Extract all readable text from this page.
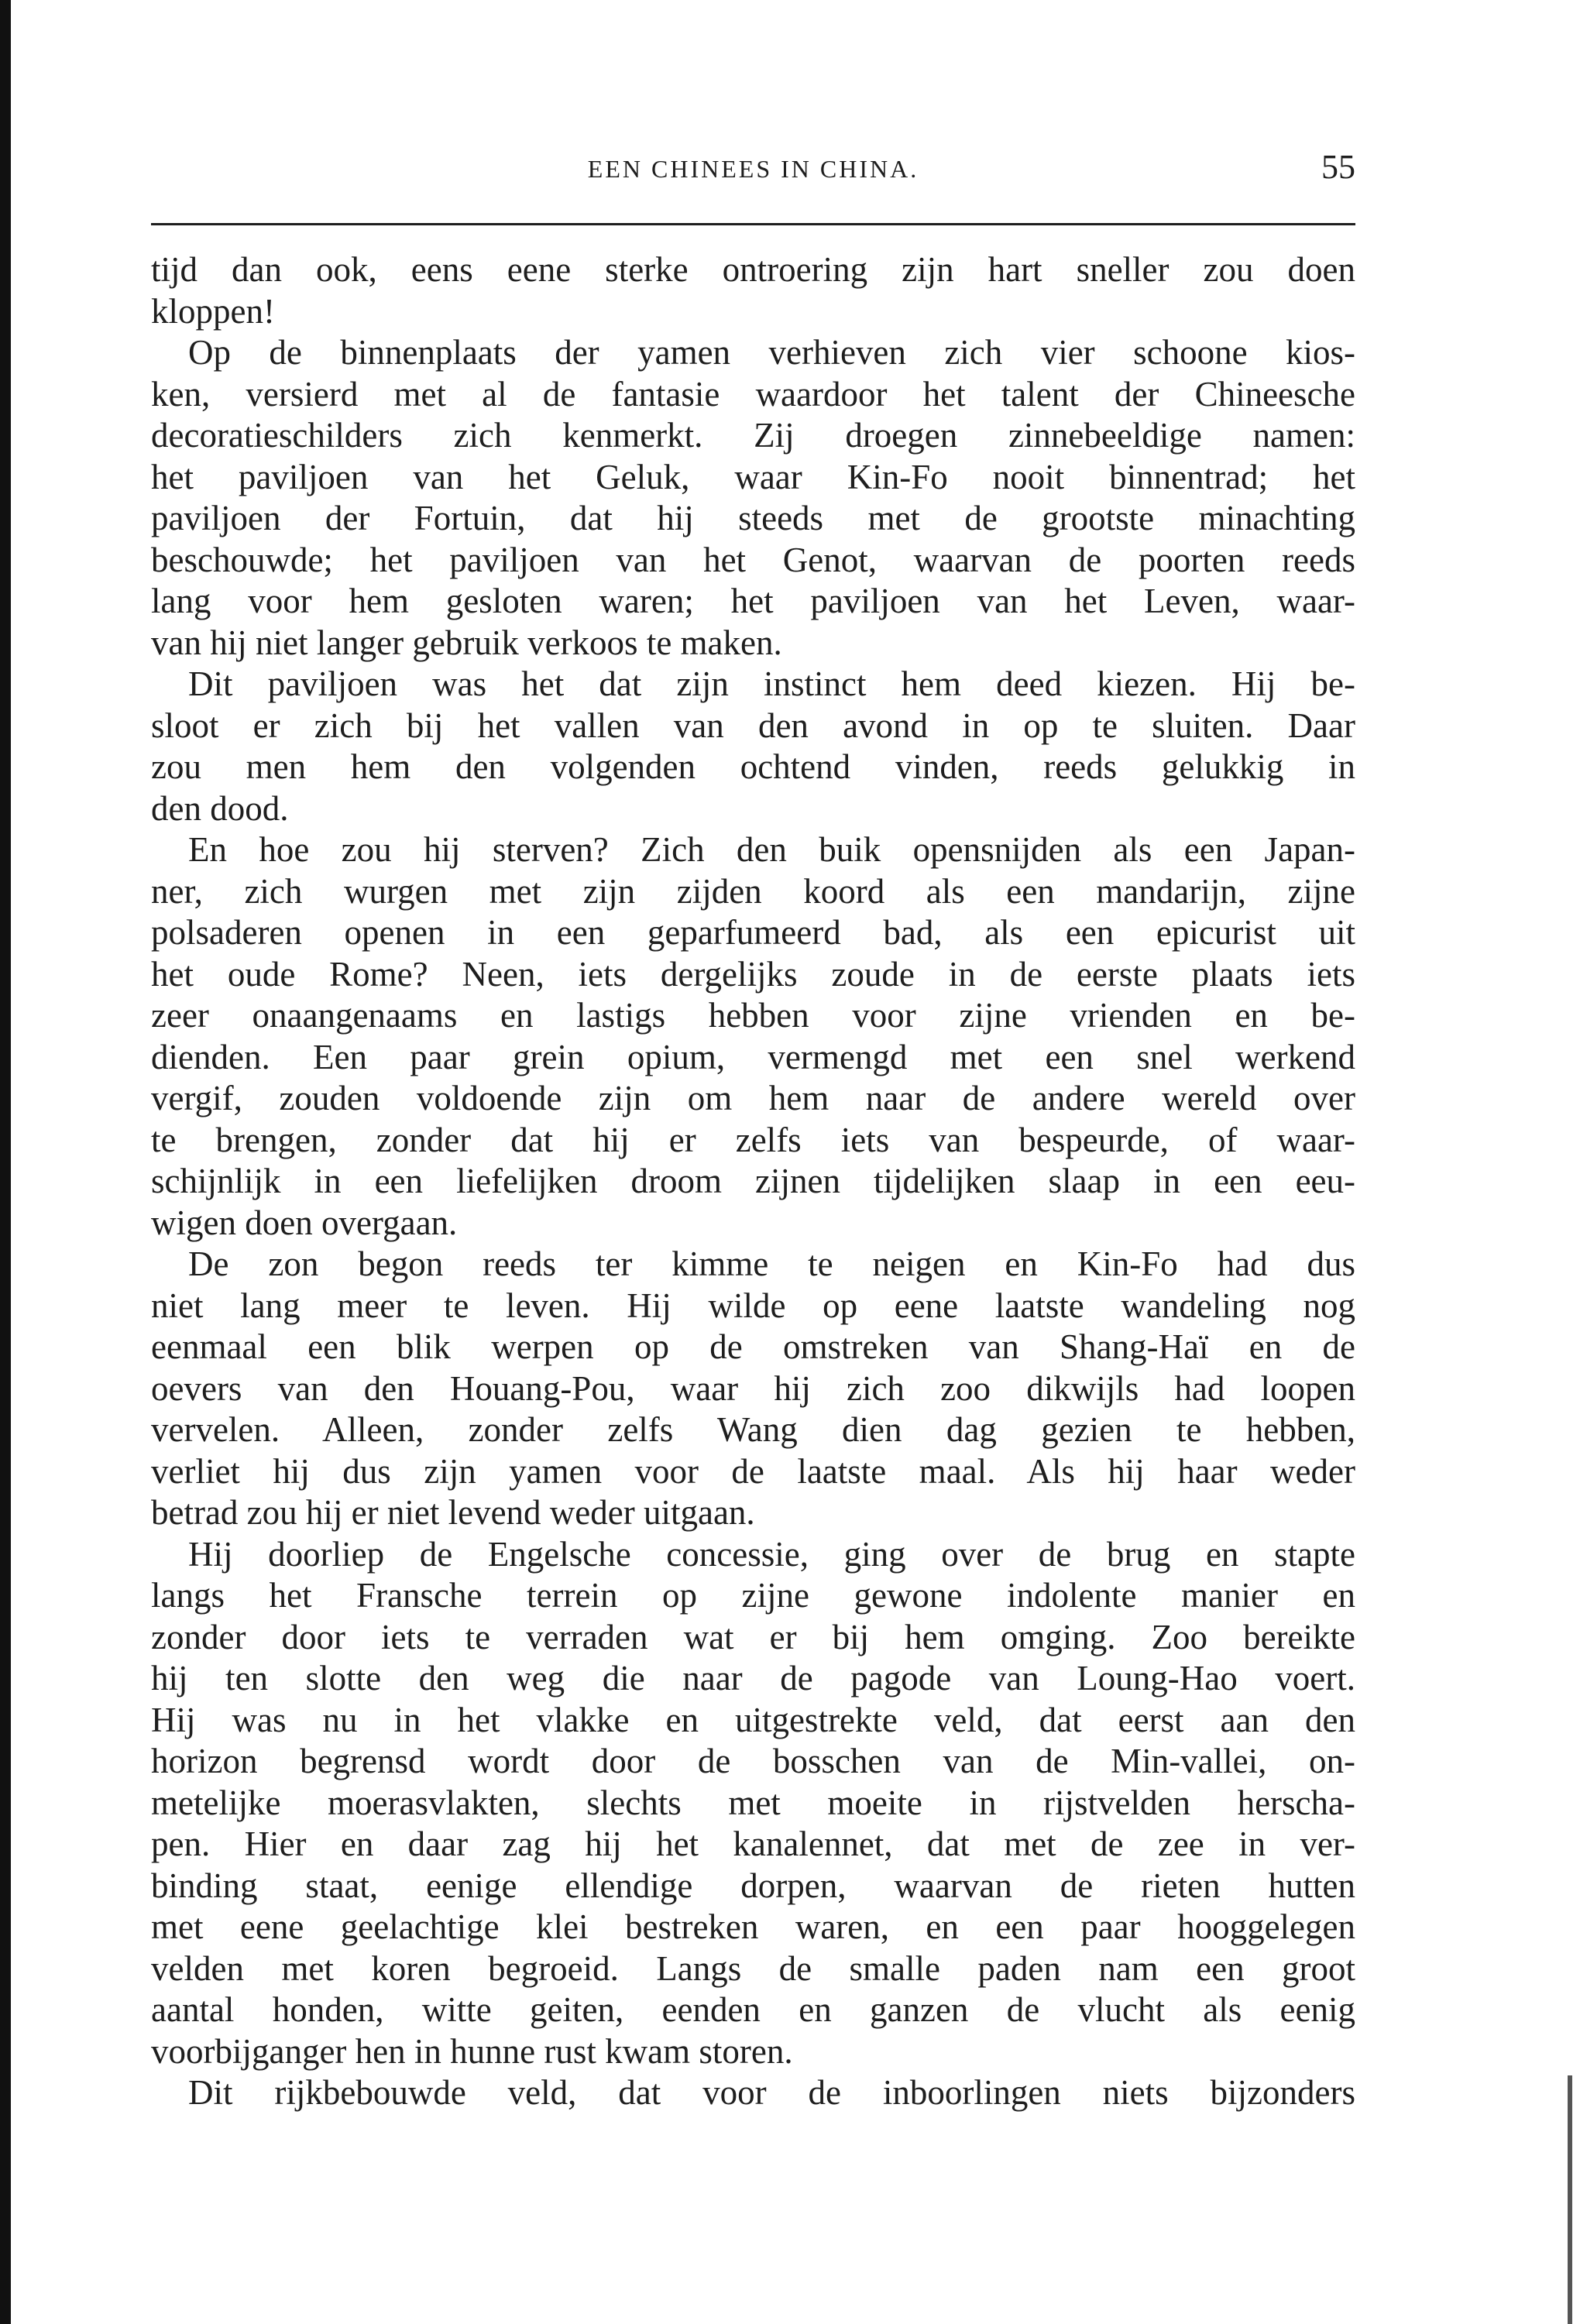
EEN CHINEES IN CHINA.	55
tijd dan ook, eens eene sterke ontroering zijn hart sneller zou doen
kloppen!
Op de binnenplaats der yamen verhieven zich vier schoone kios-
ken, versierd met al de fantasie waardoor het talent der Chineesche
decoratieschilders zich kenmerkt. Zij droegen zinnebeeldige namen:
het paviljoen van het Geluk, waar Kin-Fo nooit binnentrad; het
paviljoen der Fortuin, dat hij steeds met de grootste minachting
beschouwde; het paviljoen van het Genot, waarvan de poorten reeds
lang voor hem gesloten waren; het paviljoen van het Leven, waar-
van hij niet langer gebruik verkoos te maken.
Dit paviljoen was het dat zijn instinct hem deed kiezen. Hij be-
sloot er zich bij het vallen van den avond in op te sluiten. Daar
zou men hem den volgenden ochtend vinden, reeds gelukkig in
den dood.
En hoe zou hij sterven? Zich den buik opensnijden als een Japan-
ner, zich wurgen met zijn zijden koord als een mandarijn, zijne
polsaderen openen in een geparfumeerd bad, als een epicurist uit
het oude Rome? Neen, iets dergelijks zoude in de eerste plaats iets
zeer onaangenaams en lastigs hebben voor zijne vrienden en be-
dienden. Een paar grein opium, vermengd met een snel werkend
vergif, zouden voldoende zijn om hem naar de andere wereld over
te brengen, zonder dat hij er zelfs iets van bespeurde, of waar-
schijnlijk in een liefelijken droom zijnen tijdelijken slaap in een eeu-
wigen doen overgaan.
De zon begon reeds ter kimme te neigen en Kin-Fo had dus
niet lang meer te leven. Hij wilde op eene laatste wandeling nog
eenmaal een blik werpen op de omstreken van Shang-Haï en de
oevers van den Houang-Pou, waar hij zich zoo dikwijls had loopen
vervelen. Alleen, zonder zelfs Wang dien dag gezien te hebben,
verliet hij dus zijn yamen voor de laatste maal. Als hij haar weder
betrad zou hij er niet levend weder uitgaan.
Hij doorliep de Engelsche concessie, ging over de brug en stapte
langs het Fransche terrein op zijne gewone indolente manier en
zonder door iets te verraden wat er bij hem omging. Zoo bereikte
hij ten slotte den weg die naar de pagode van Loung-Hao voert.
Hij was nu in het vlakke en uitgestrekte veld, dat eerst aan den
horizon begrensd wordt door de bosschen van de Min-vallei, on-
metelijke moerasvlakten, slechts met moeite in rijstvelden herscha-
pen. Hier en daar zag hij het kanalennet, dat met de zee in ver-
binding staat, eenige ellendige dorpen, waarvan de rieten hutten
met eene geelachtige klei bestreken waren, en een paar hooggelegen
velden met koren begroeid. Langs de smalle paden nam een groot
aantal honden, witte geiten, eenden en ganzen de vlucht als eenig
voorbijganger hen in hunne rust kwam storen.
Dit rijkbebouwde veld, dat voor de inboorlingen niets bijzonders
